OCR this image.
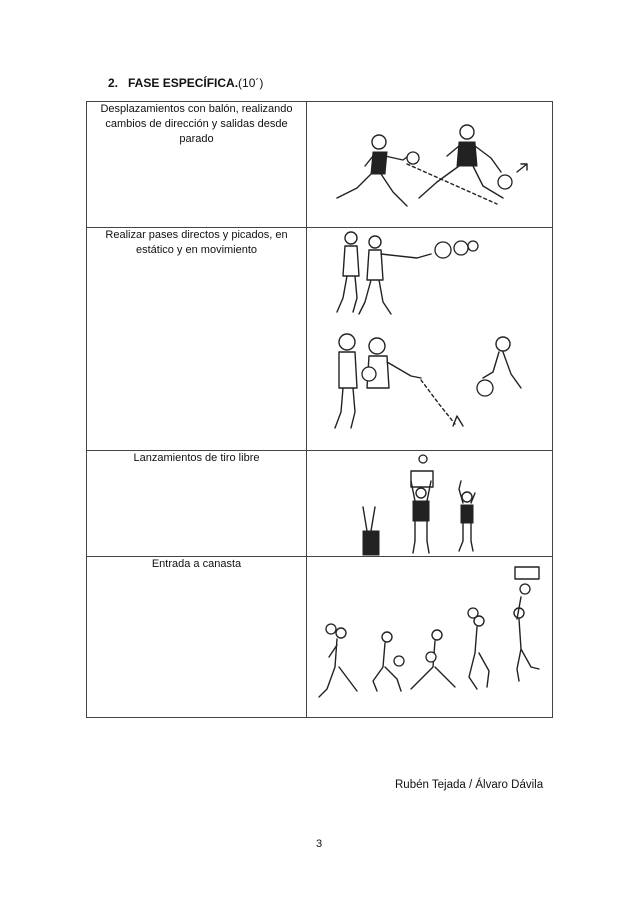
2. FASE ESPECÍFICA.(10´)
Desplazamientos con balón, realizando cambios de dirección y salidas desde parado	

Realizar pases directos y picados, en estático y en movimiento	

Lanzamientos de tiro libre	

Entrada a canasta	
Rubén Tejada / Álvaro Dávila
3
